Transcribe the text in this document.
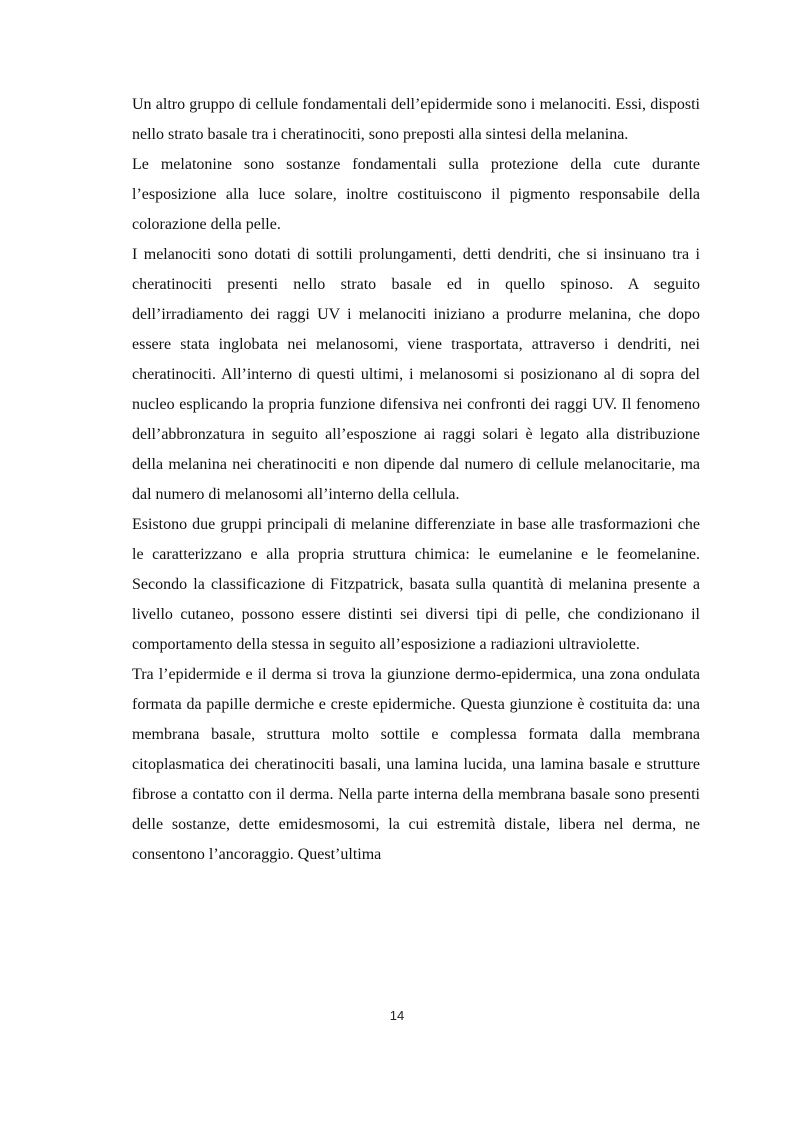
Un altro gruppo di cellule fondamentali dell’epidermide sono i melanociti. Essi, disposti nello strato basale tra i cheratinociti, sono preposti alla sintesi della melanina.

Le melatonine sono sostanze fondamentali sulla protezione della cute durante l’esposizione alla luce solare, inoltre costituiscono il pigmento responsabile della colorazione della pelle.

I melanociti sono dotati di sottili prolungamenti, detti dendriti, che si insinuano tra i cheratinociti presenti nello strato basale ed in quello spinoso. A seguito dell’irradiamento dei raggi UV i melanociti iniziano a produrre melanina, che dopo essere stata inglobata nei melanosomi, viene trasportata, attraverso i dendriti, nei cheratinociti. All’interno di questi ultimi, i melanosomi si posizionano al di sopra del nucleo esplicando la propria funzione difensiva nei confronti dei raggi UV. Il fenomeno dell’abbronzatura in seguito all’esposzione ai raggi solari è legato alla distribuzione della melanina nei cheratinociti e non dipende dal numero di cellule melanocitarie, ma dal numero di melanosomi all’interno della cellula.

Esistono due gruppi principali di melanine differenziate in base alle trasformazioni che le caratterizzano e alla propria struttura chimica: le eumelanine e le feomelanine. Secondo la classificazione di Fitzpatrick, basata sulla quantità di melanina presente a livello cutaneo, possono essere distinti sei diversi tipi di pelle, che condizionano il comportamento della stessa in seguito all’esposizione a radiazioni ultraviolette.

Tra l’epidermide e il derma si trova la giunzione dermo-epidermica, una zona ondulata formata da papille dermiche e creste epidermiche. Questa giunzione è costituita da: una membrana basale, struttura molto sottile e complessa formata dalla membrana citoplasmatica dei cheratinociti basali, una lamina lucida, una lamina basale e strutture fibrose a contatto con il derma. Nella parte interna della membrana basale sono presenti delle sostanze, dette emidesmosomi, la cui estremità distale, libera nel derma, ne consentono l’ancoraggio. Quest’ultima

14
